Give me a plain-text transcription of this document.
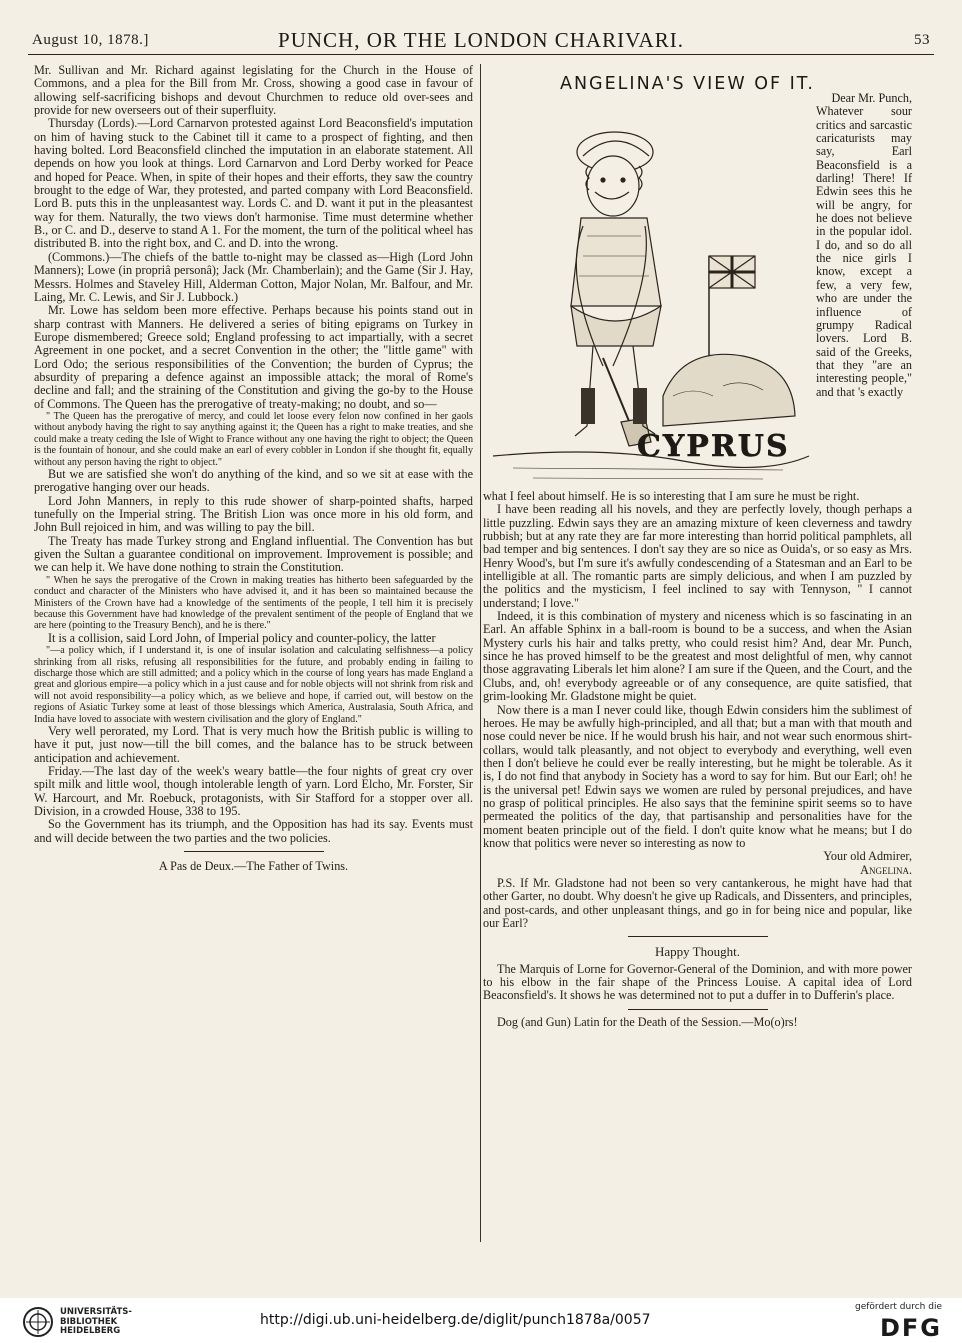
August 10, 1878.]	PUNCH, OR THE LONDON CHARIVARI.	53

Mr. Sullivan and Mr. Richard against legislating for the Church in the House of Commons, and a plea for the Bill from Mr. Cross, showing a good case in favour of allowing self-sacrificing bishops and devout Churchmen to reduce old over-sees and provide for new overseers out of their superfluity.

Thursday (Lords).—Lord Carnarvon protested against Lord Beaconsfield's imputation on him of having stuck to the Cabinet till it came to a prospect of fighting, and then having bolted. Lord Beaconsfield clinched the imputation in an elaborate statement. All depends on how you look at things. Lord Carnarvon and Lord Derby worked for Peace and hoped for Peace. When, in spite of their hopes and their efforts, they saw the country brought to the edge of War, they protested, and parted company with Lord Beaconsfield. Lord B. puts this in the unpleasantest way. Lords C. and D. want it put in the pleasantest way for them. Naturally, the two views don't harmonise. Time must determine whether B., or C. and D., deserve to stand A 1. For the moment, the turn of the political wheel has distributed B. into the right box, and C. and D. into the wrong.

(Commons.)—The chiefs of the battle to-night may be classed as—High (Lord John Manners); Lowe (in propriâ personâ); Jack (Mr. Chamberlain); and the Game (Sir J. Hay, Messrs. Holmes and Staveley Hill, Alderman Cotton, Major Nolan, Mr. Balfour, and Mr. Laing, Mr. C. Lewis, and Sir J. Lubbock.)

Mr. Lowe has seldom been more effective. Perhaps because his points stand out in sharp contrast with Manners. He delivered a series of biting epigrams on Turkey in Europe dismembered; Greece sold; England professing to act impartially, with a secret Agreement in one pocket, and a secret Convention in the other; the "little game" with Lord Odo; the serious responsibilities of the Convention; the burden of Cyprus; the absurdity of preparing a defence against an impossible attack; the moral of Rome's decline and fall; and the straining of the Constitution and giving the go-by to the House of Commons. The Queen has the prerogative of treaty-making; no doubt, and so—

" The Queen has the prerogative of mercy, and could let loose every felon now confined in her gaols without anybody having the right to say anything against it; the Queen has a right to make treaties, and she could make a treaty ceding the Isle of Wight to France without any one having the right to object; the Queen is the fountain of honour, and she could make an earl of every cobbler in London if she thought fit, equally without any person having the right to object."

But we are satisfied she won't do anything of the kind, and so we sit at ease with the prerogative hanging over our heads.

Lord John Manners, in reply to this rude shower of sharp-pointed shafts, harped tunefully on the Imperial string. The British Lion was once more in his old form, and John Bull rejoiced in him, and was willing to pay the bill.

The Treaty has made Turkey strong and England influential. The Convention has but given the Sultan a guarantee conditional on improvement. Improvement is possible; and we can help it. We have done nothing to strain the Constitution.

" When he says the prerogative of the Crown in making treaties has hitherto been safeguarded by the conduct and character of the Ministers who have advised it, and it has been so maintained because the Ministers of the Crown have had a knowledge of the sentiments of the people, I tell him it is precisely because this Government have had knowledge of the prevalent sentiment of the people of England that we are here (pointing to the Treasury Bench), and he is there."

It is a collision, said Lord John, of Imperial policy and counter-policy, the latter

"—a policy which, if I understand it, is one of insular isolation and calculating selfishness—a policy shrinking from all risks, refusing all responsibilities for the future, and probably ending in failing to discharge those which are still admitted; and a policy which in the course of long years has made England a great and glorious empire—a policy which in a just cause and for noble objects will not shrink from risk and will not avoid responsibility—a policy which, as we believe and hope, if carried out, will bestow on the regions of Asiatic Turkey some at least of those blessings which America, Australasia, South Africa, and India have loved to associate with western civilisation and the glory of England."

Very well perorated, my Lord. That is very much how the British public is willing to have it put, just now—till the bill comes, and the balance has to be struck between anticipation and achievement.

Friday.—The last day of the week's weary battle—the four nights of great cry over spilt milk and little wool, though intolerable length of yarn. Lord Elcho, Mr. Forster, Sir W. Harcourt, and Mr. Roebuck, protagonists, with Sir Stafford for a stopper over all. Division, in a crowded House, 338 to 195.

So the Government has its triumph, and the Opposition has had its say. Events must and will decide between the two parties and the two policies.

A Pas de Deux.—The Father of Twins.
ANGELINA'S VIEW OF IT.
CYPRUS

Dear Mr. Punch,

Whatever sour critics and sarcastic caricaturists may say, Earl Beaconsfield is a darling! There! If Edwin sees this he will be angry, for he does not believe in the popular idol. I do, and so do all the nice girls I know, except a few, a very few, who are under the influence of grumpy Radical lovers. Lord B. said of the Greeks, that they "are an interesting people," and that 's exactly

what I feel about himself. He is so interesting that I am sure he must be right.

I have been reading all his novels, and they are perfectly lovely, though perhaps a little puzzling. Edwin says they are an amazing mixture of keen cleverness and tawdry rubbish; but at any rate they are far more interesting than horrid political pamphlets, all bad temper and big sentences. I don't say they are so nice as Ouida's, or so easy as Mrs. Henry Wood's, but I'm sure it's awfully condescending of a Statesman and an Earl to be intelligible at all. The romantic parts are simply delicious, and when I am puzzled by the politics and the mysticism, I feel inclined to say with Tennyson, " I cannot understand; I love."

Indeed, it is this combination of mystery and niceness which is so fascinating in an Earl. An affable Sphinx in a ball-room is bound to be a success, and when the Asian Mystery curls his hair and talks pretty, who could resist him? And, dear Mr. Punch, since he has proved himself to be the greatest and most delightful of men, why cannot those aggravating Liberals let him alone? I am sure if the Queen, and the Court, and the Clubs, and, oh! everybody agreeable or of any consequence, are quite satisfied, that grim-looking Mr. Gladstone might be quiet.

Now there is a man I never could like, though Edwin considers him the sublimest of heroes. He may be awfully high-principled, and all that; but a man with that mouth and nose could never be nice. If he would brush his hair, and not wear such enormous shirt-collars, would talk pleasantly, and not object to everybody and everything, well even then I don't believe he could ever be really interesting, but he might be tolerable. As it is, I do not find that anybody in Society has a word to say for him. But our Earl; oh! he is the universal pet! Edwin says we women are ruled by personal prejudices, and have no grasp of political principles. He also says that the feminine spirit seems so to have permeated the politics of the day, that partisanship and personalities have for the moment beaten principle out of the field. I don't quite know what he means; but I do know that politics were never so interesting as now to

Your old Admirer,

Angelina.

P.S. If Mr. Gladstone had not been so very cantankerous, he might have had that other Garter, no doubt. Why doesn't he give up Radicals, and Dissenters, and principles, and post-cards, and other unpleasant things, and go in for being nice and popular, like our Earl?

Happy Thought.

The Marquis of Lorne for Governor-General of the Dominion, and with more power to his elbow in the fair shape of the Princess Louise. A capital idea of Lord Beaconsfield's. It shows he was determined not to put a duffer in to Dufferin's place.

Dog (and Gun) Latin for the Death of the Session.—Mo(o)rs!

UNIVERSITÄTS-
BIBLIOTHEK
HEIDELBERG
http://digi.ub.uni-heidelberg.de/diglit/punch1878a/0057
gefördert durch die
DFG
